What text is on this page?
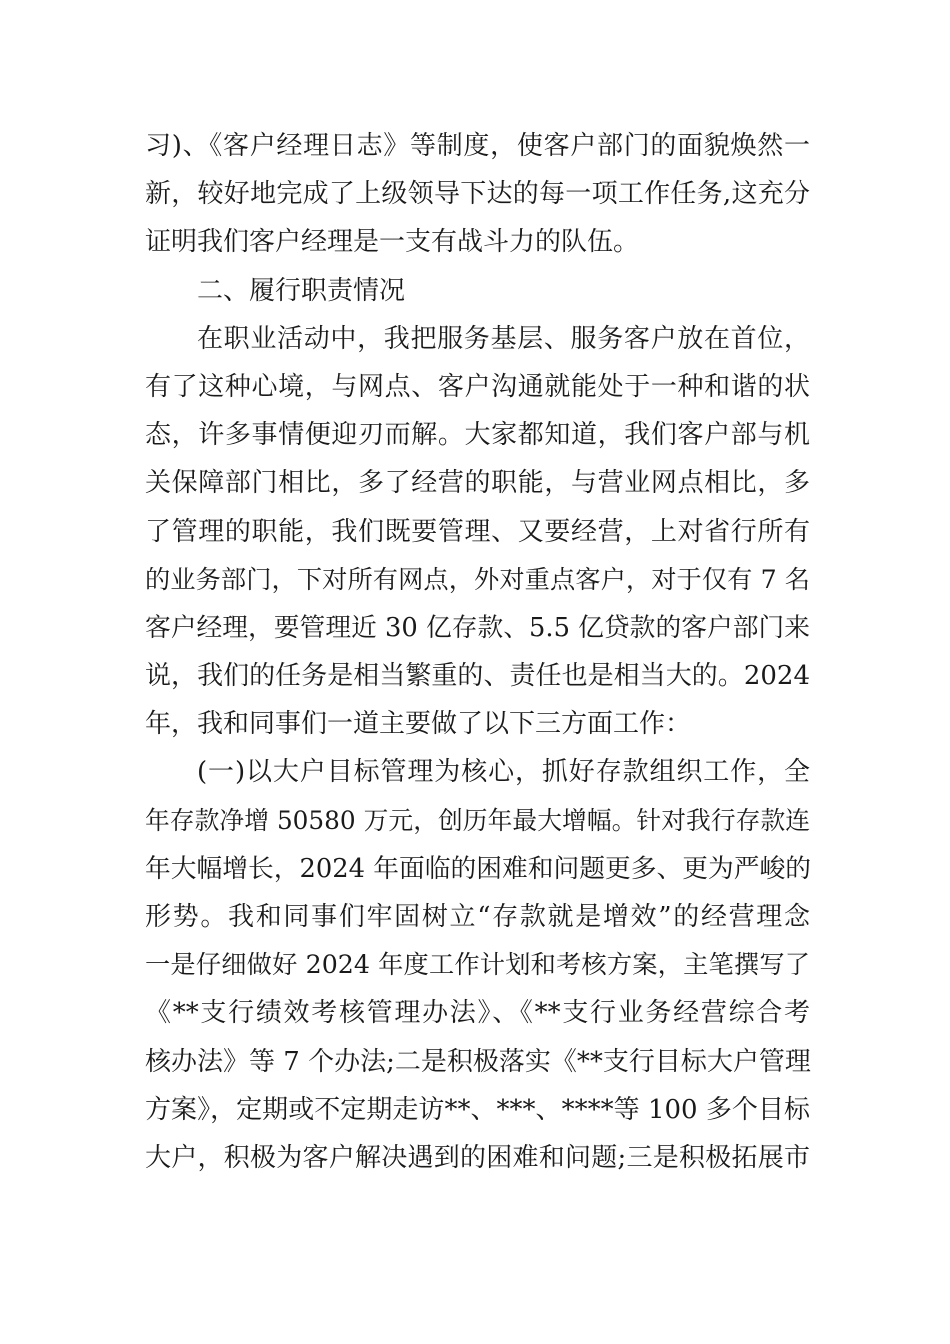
习)、《客户经理日志》等制度，使客户部门的面貌焕然一
新，较好地完成了上级领导下达的每一项工作任务,这充分
证明我们客户经理是一支有战斗力的队伍。
二、履行职责情况
在职业活动中，我把服务基层、服务客户放在首位，
有了这种心境，与网点、客户沟通就能处于一种和谐的状
态，许多事情便迎刃而解。大家都知道，我们客户部与机
关保障部门相比，多了经营的职能，与营业网点相比，多
了管理的职能，我们既要管理、又要经营，上对省行所有
的业务部门，下对所有网点，外对重点客户，对于仅有 7 名
客户经理，要管理近 30 亿存款、5.5 亿贷款的客户部门来
说，我们的任务是相当繁重的、责任也是相当大的。2024
年，我和同事们一道主要做了以下三方面工作：
(一)以大户目标管理为核心，抓好存款组织工作，全
年存款净增 50580 万元，创历年最大增幅。针对我行存款连
年大幅增长，2024 年面临的困难和问题更多、更为严峻的
形势。我和同事们牢固树立“存款就是增效”的经营理念
一是仔细做好 2024 年度工作计划和考核方案，主笔撰写了
《**支行绩效考核管理办法》、《**支行业务经营综合考
核办法》等 7 个办法;二是积极落实《**支行目标大户管理
方案》，定期或不定期走访**、***、****等 100 多个目标
大户，积极为客户解决遇到的困难和问题;三是积极拓展市
